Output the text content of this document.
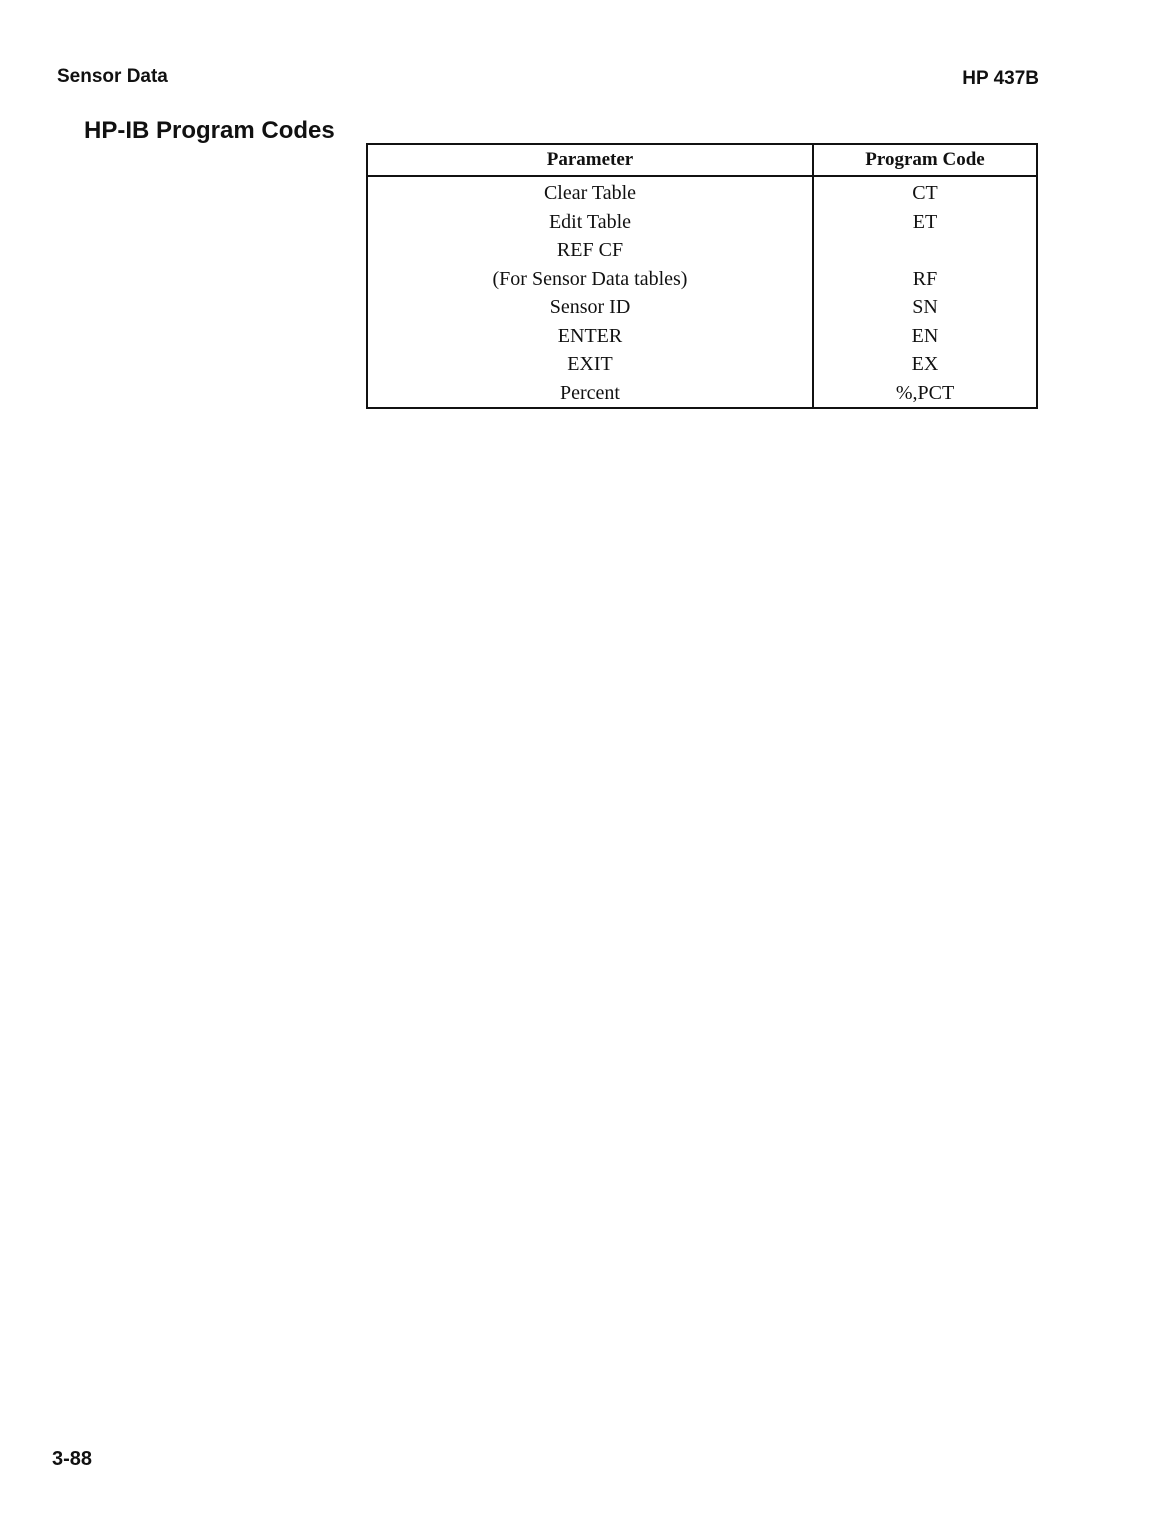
Sensor Data	HP 437B
HP-IB Program Codes
Parameter	Program Code
Clear Table	CT
Edit Table	ET
REF CF	
(For Sensor Data tables)	RF
Sensor ID	SN
ENTER	EN
EXIT	EX
Percent	%,PCT
3-88
